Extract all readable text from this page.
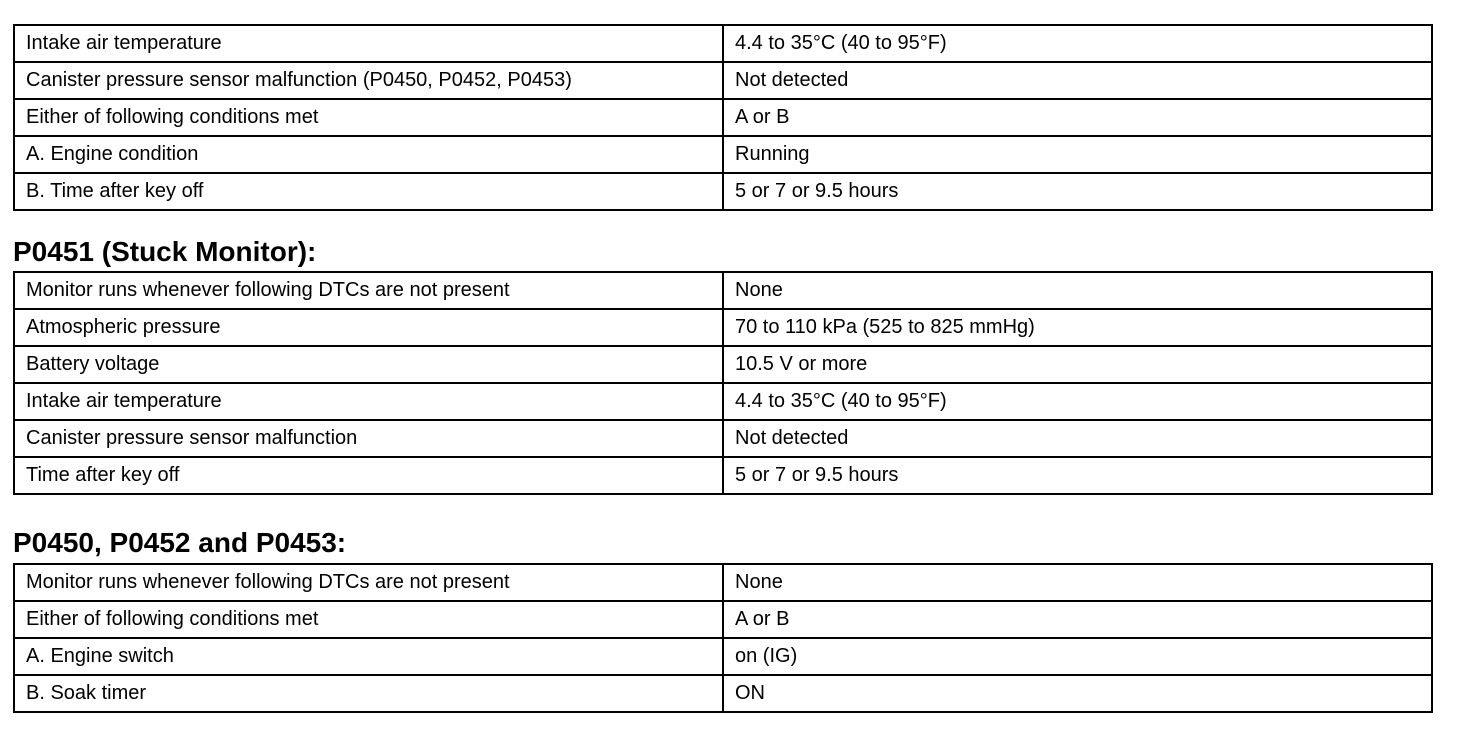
Intake air temperature	4.4 to 35°C (40 to 95°F)
Canister pressure sensor malfunction (P0450, P0452, P0453)	Not detected
Either of following conditions met	A or B
A. Engine condition	Running
B. Time after key off	5 or 7 or 9.5 hours
P0451 (Stuck Monitor):
Monitor runs whenever following DTCs are not present	None
Atmospheric pressure	70 to 110 kPa (525 to 825 mmHg)
Battery voltage	10.5 V or more
Intake air temperature	4.4 to 35°C (40 to 95°F)
Canister pressure sensor malfunction	Not detected
Time after key off	5 or 7 or 9.5 hours
P0450, P0452 and P0453:
Monitor runs whenever following DTCs are not present	None
Either of following conditions met	A or B
A. Engine switch	on (IG)
B. Soak timer	ON
